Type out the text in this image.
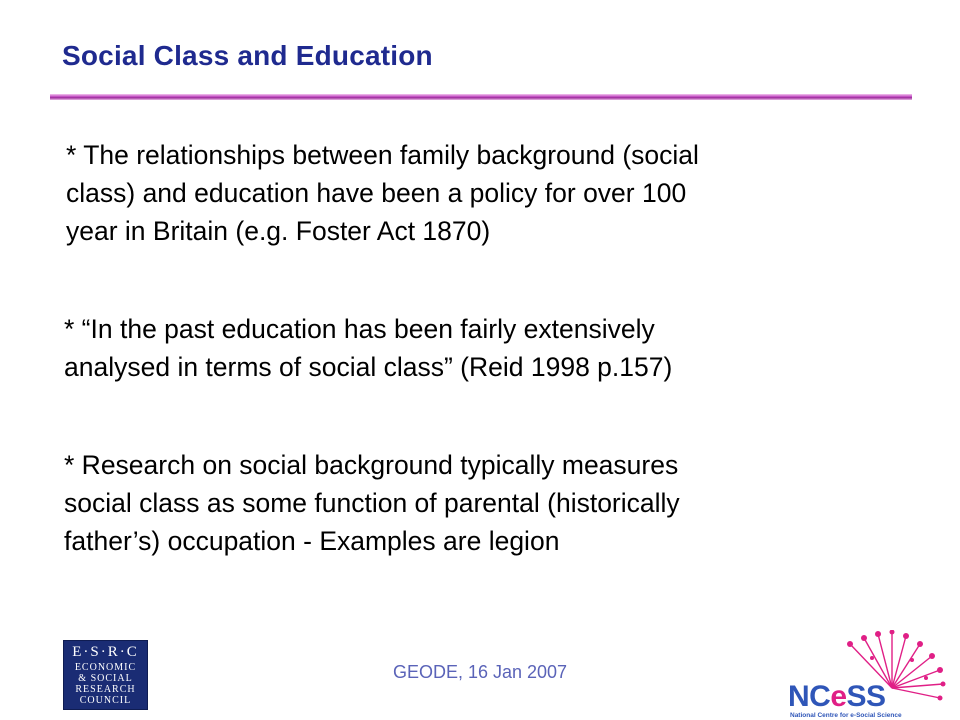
Social Class and Education

* The relationships between family background (social
class) and education have been a policy for over 100
year in Britain (e.g. Foster Act 1870)

* “In the past education has been fairly extensively
analysed in terms of social class” (Reid 1998 p.157)

* Research on social background typically measures
social class as some function of parental (historically
father’s) occupation - Examples are legion

E·S·R·C
ECONOMIC
& SOCIAL
RESEARCH
COUNCIL
GEODE, 16 Jan 2007
NCeSS
National Centre for e-Social Science
